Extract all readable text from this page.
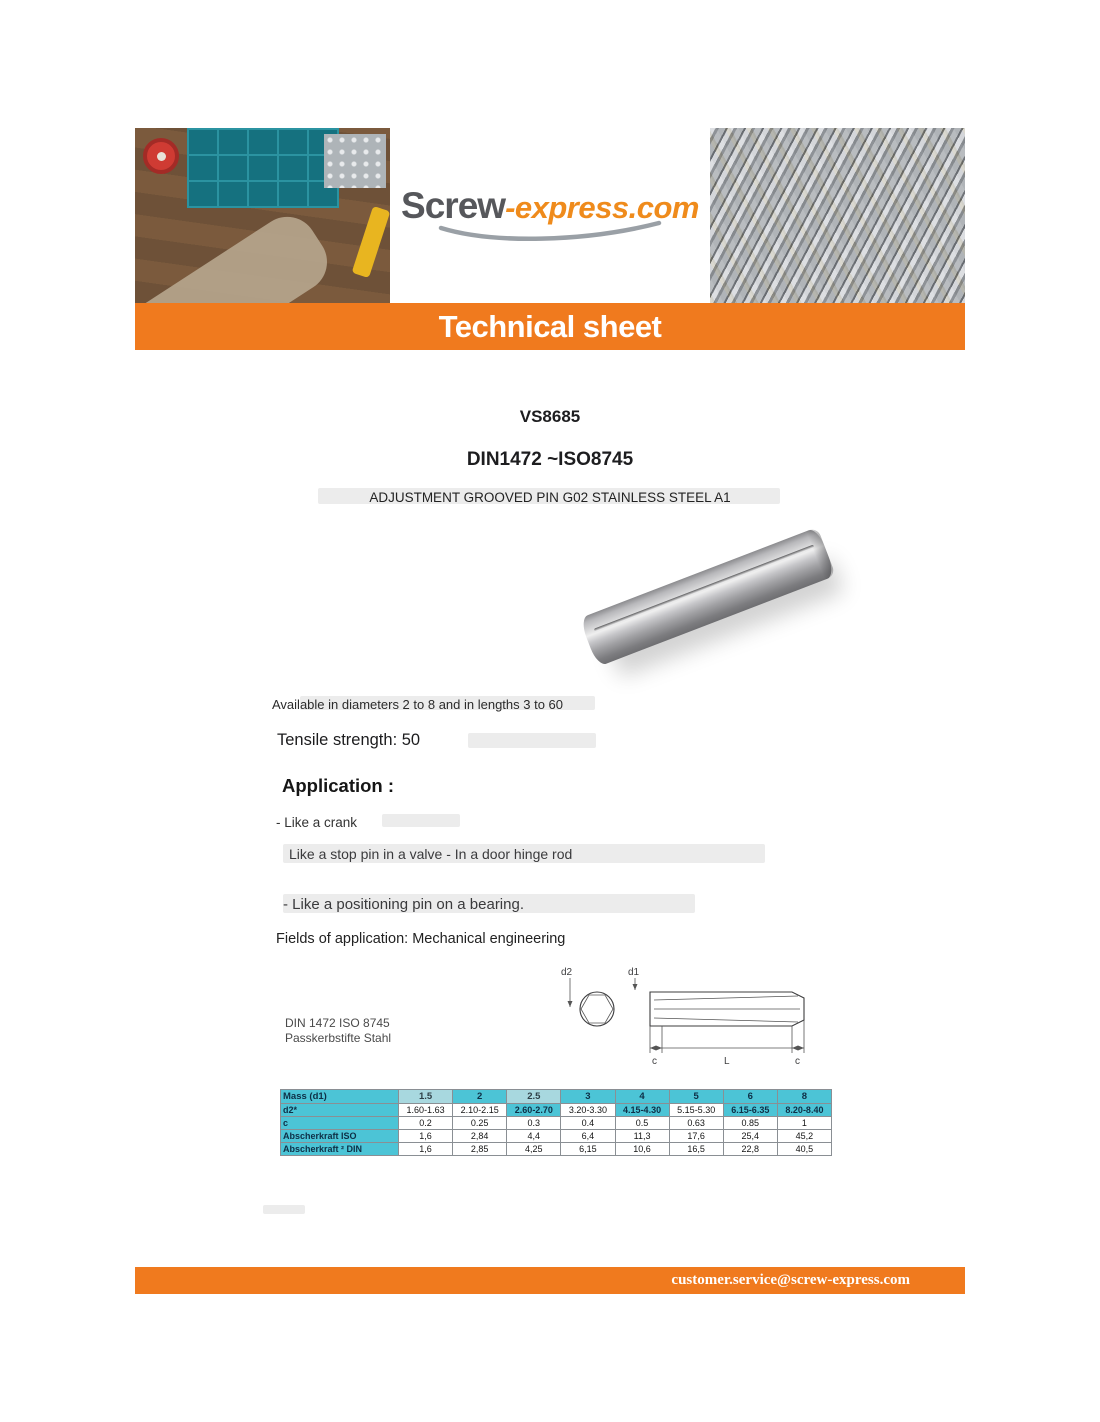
Screw-express.com
Technical sheet
VS8685
DIN1472 ~ISO8745
ADJUSTMENT GROOVED PIN G02 STAINLESS STEEL A1
Available in diameters 2 to 8 and in lengths 3 to 60
Tensile strength: 50
Application :
- Like a crank
Like a stop pin in a valve - In a door hinge rod
- Like a positioning pin on a bearing.
Fields of application: Mechanical engineering
DIN 1472 ISO 8745
Passkerbstifte Stahl
d2	d1
c	L	c
Mass (d1)	1.5	2	2.5	3	4	5	6	8
d2*	1.60-1.63	2.10-2.15	2.60-2.70	3.20-3.30	4.15-4.30	5.15-5.30	6.15-6.35	8.20-8.40
c	0.2	0.25	0.3	0.4	0.5	0.63	0.85	1
Abscherkraft ISO	1,6	2,84	4,4	6,4	11,3	17,6	25,4	45,2
Abscherkraft ² DIN	1,6	2,85	4,25	6,15	10,6	16,5	22,8	40,5
customer.service@screw-express.com
